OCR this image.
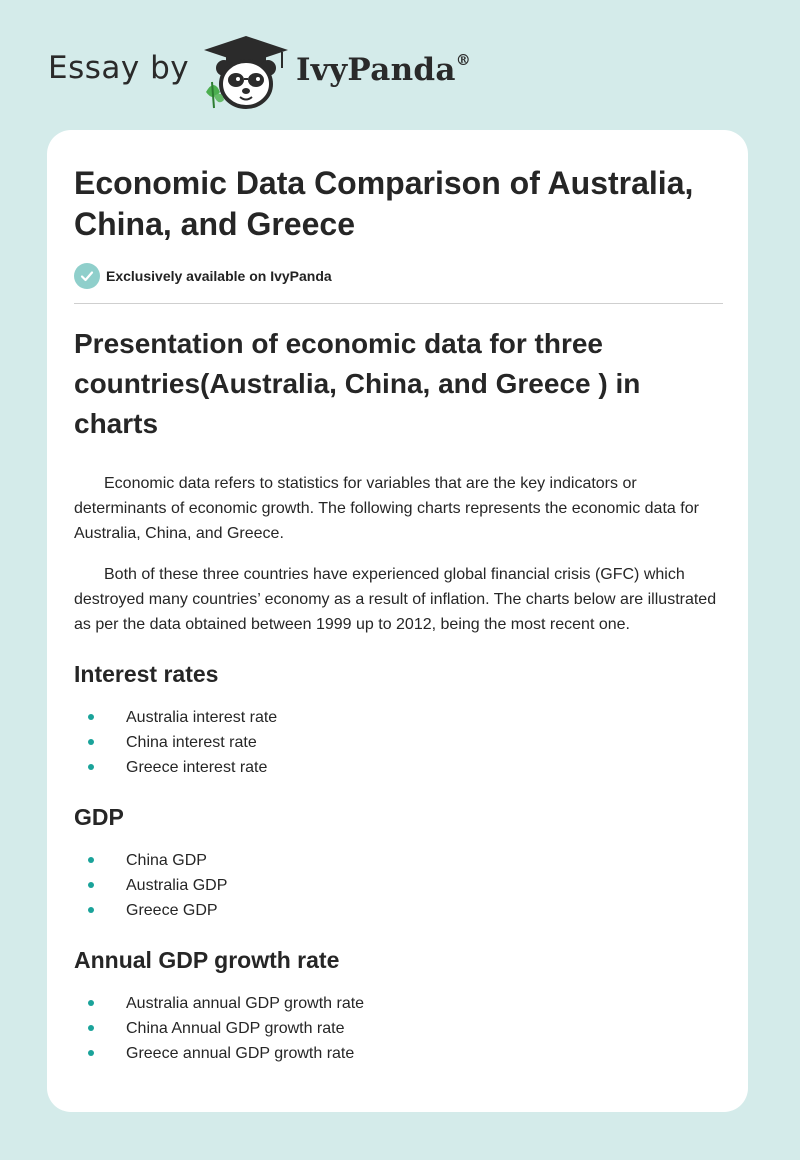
Essay by	IvyPanda®
Economic Data Comparison of Australia, China, and Greece
Exclusively available on IvyPanda
Presentation of economic data for three countries(Australia, China, and Greece ) in charts

Economic data refers to statistics for variables that are the key indicators or determinants of economic growth. The following charts represents the economic data for Australia, China, and Greece.

Both of these three countries have experienced global financial crisis (GFC) which destroyed many countries’ economy as a result of inflation. The charts below are illustrated as per the data obtained between 1999 up to 2012, being the most recent one.

Interest rates
Australia interest rate
China interest rate
Greece interest rate
GDP
China GDP
Australia GDP
Greece GDP
Annual GDP growth rate
Australia annual GDP growth rate
China Annual GDP growth rate
Greece annual GDP growth rate
